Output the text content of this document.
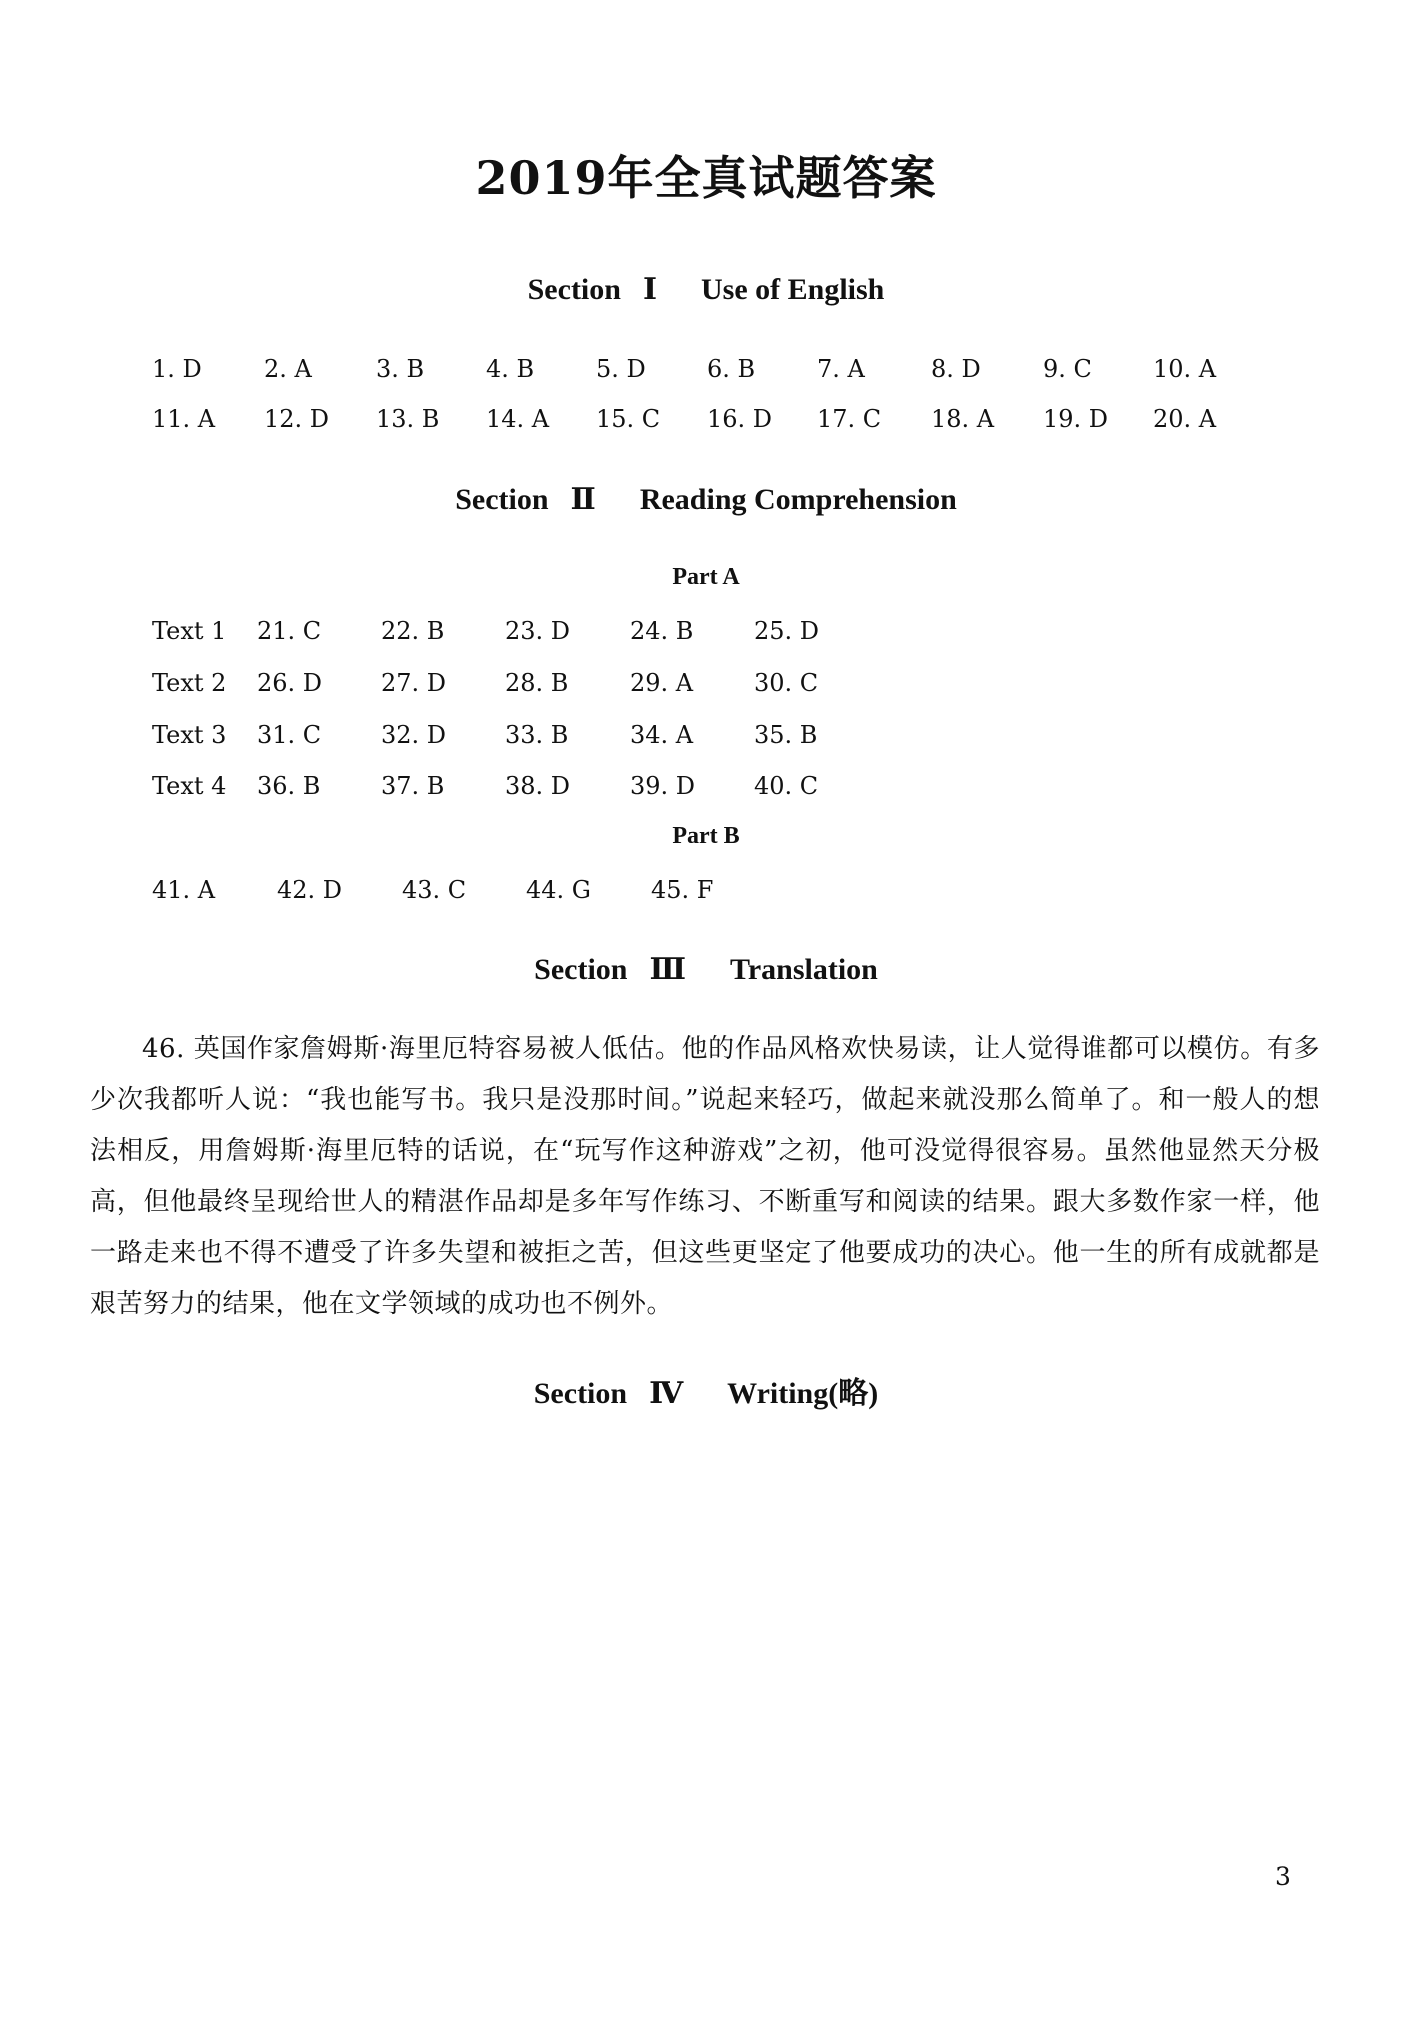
2019年全真试题答案
Section Ⅰ Use of English
1. D	2. A	3. B	4. B	5. D	6. B	7. A	8. D	9. C	10. A
11. A 12. D 13. B 14. A 15. C 16. D 17. C 18. A 19. D 20. A
Section Ⅱ Reading Comprehension
Part A
Text 1 21. C 22. B	23. D 24. B	25. D
Text 2 26. D 27. D 28. B	29. A	30. C
Text 3 31. C 32. D 33. B	34. A	35. B
Text 4 36. B	37. B	38. D 39. D 40. C
Part B
41. A	42. D 43. C 44. G	45. F
Section Ⅲ Translation
46. 英国作家詹姆斯·海里厄特容易被人低估。他的作品风格欢快易读，让人觉得谁都可以模仿。有多少次我都听人说：“我也能写书。我只是没那时间。”说起来轻巧，做起来就没那么简单了。和一般人的想法相反，用詹姆斯·海里厄特的话说，在“玩写作这种游戏”之初，他可没觉得很容易。虽然他显然天分极高，但他最终呈现给世人的精湛作品却是多年写作练习、不断重写和阅读的结果。跟大多数作家一样，他一路走来也不得不遭受了许多失望和被拒之苦，但这些更坚定了他要成功的决心。他一生的所有成就都是艰苦努力的结果，他在文学领域的成功也不例外。
Section Ⅳ Writing(略)
3
